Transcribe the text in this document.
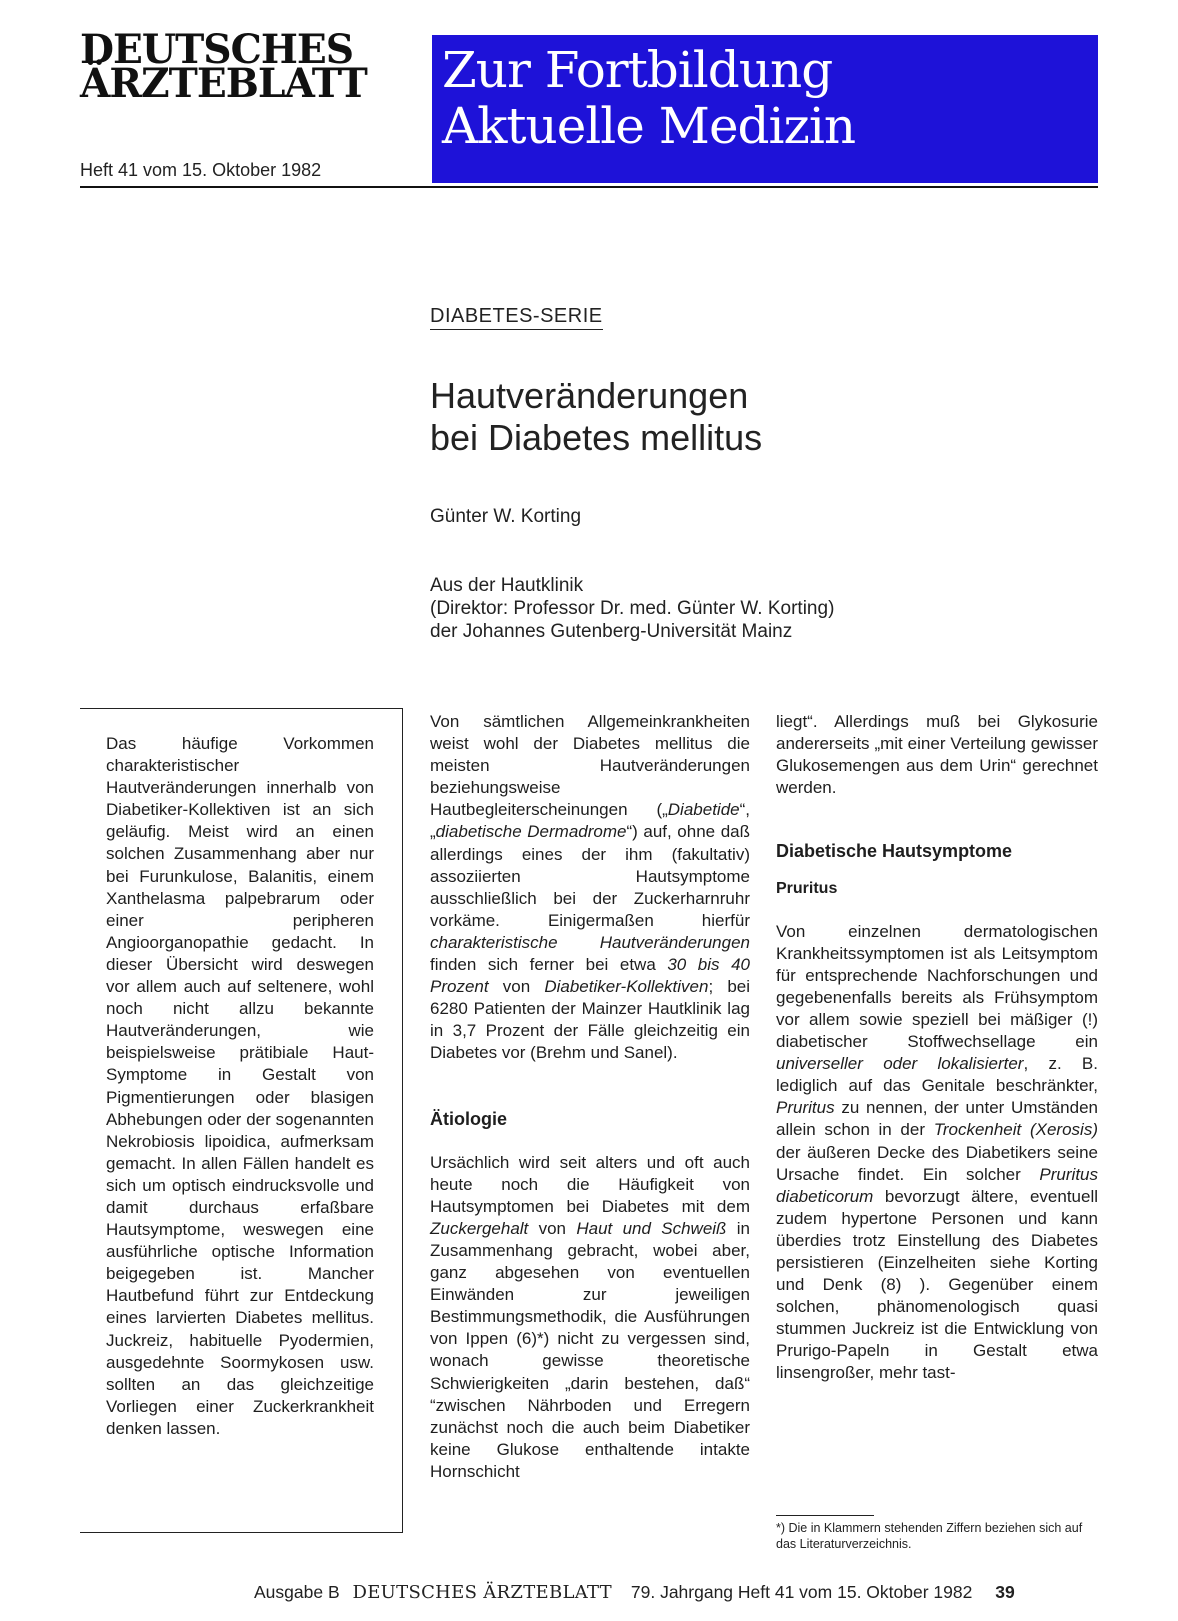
DEUTSCHES
ÄRZTEBLATT
Heft 41 vom 15. Oktober 1982
Zur Fortbildung
Aktuelle Medizin
DIABETES-SERIE
Hautveränderungen
bei Diabetes mellitus
Günter W. Korting
Aus der Hautklinik
(Direktor: Professor Dr. med. Günter W. Korting)
der Johannes Gutenberg-Universität Mainz

Das häufige Vorkommen charakteristischer Hautveränderungen innerhalb von Diabetiker-Kollektiven ist an sich geläufig. Meist wird an einen solchen Zusammenhang aber nur bei Furunkulose, Balanitis, einem Xanthelasma palpebrarum oder einer peripheren Angioorganopathie gedacht. In dieser Übersicht wird deswegen vor allem auch auf seltenere, wohl noch nicht allzu bekannte Hautveränderungen, wie beispielsweise prätibiale Haut-Symptome in Gestalt von Pigmentierungen oder blasigen Abhebungen oder der sogenannten Nekrobiosis lipoidica, aufmerksam gemacht. In allen Fällen handelt es sich um optisch eindrucksvolle und damit durchaus erfaßbare Hautsymptome, weswegen eine ausführliche optische Information beigegeben ist. Mancher Hautbefund führt zur Entdeckung eines larvierten Diabetes mellitus. Juckreiz, habituelle Pyodermien, ausgedehnte Soormykosen usw. sollten an das gleichzeitige Vorliegen einer Zuckerkrankheit denken lassen.

Von sämtlichen Allgemeinkrankheiten weist wohl der Diabetes mellitus die meisten Hautveränderungen beziehungsweise Hautbegleiterscheinungen („Diabetide“, „diabetische Dermadrome“) auf, ohne daß allerdings eines der ihm (fakultativ) assoziierten Hautsymptome ausschließlich bei der Zuckerharnruhr vorkäme. Einigermaßen hierfür charakteristische Hautveränderungen finden sich ferner bei etwa 30 bis 40 Prozent von Diabetiker-Kollektiven; bei 6280 Patienten der Mainzer Hautklinik lag in 3,7 Prozent der Fälle gleichzeitig ein Diabetes vor (Brehm und Sanel).

Ätiologie

Ursächlich wird seit alters und oft auch heute noch die Häufigkeit von Hautsymptomen bei Diabetes mit dem Zuckergehalt von Haut und Schweiß in Zusammenhang gebracht, wobei aber, ganz abgesehen von eventuellen Einwänden zur jeweiligen Bestimmungsmethodik, die Ausführungen von Ippen (6)*) nicht zu vergessen sind, wonach gewisse theoretische Schwierigkeiten „darin bestehen, daß“ “zwischen Nährboden und Erregern zunächst noch die auch beim Diabetiker keine Glukose enthaltende intakte Hornschicht

liegt“. Allerdings muß bei Glykosurie andererseits „mit einer Verteilung gewisser Glukosemengen aus dem Urin“ gerechnet werden.

Diabetische Hautsymptome

Pruritus

Von einzelnen dermatologischen Krankheitssymptomen ist als Leitsymptom für entsprechende Nachforschungen und gegebenenfalls bereits als Frühsymptom vor allem sowie speziell bei mäßiger (!) diabetischer Stoffwechsellage ein universeller oder lokalisierter, z. B. lediglich auf das Genitale beschränkter, Pruritus zu nennen, der unter Umständen allein schon in der Trockenheit (Xerosis) der äußeren Decke des Diabetikers seine Ursache findet. Ein solcher Pruritus diabeticorum bevorzugt ältere, eventuell zudem hypertone Personen und kann überdies trotz Einstellung des Diabetes persistieren (Einzelheiten siehe Korting und Denk (8) ). Gegenüber einem solchen, phänomenologisch quasi stummen Juckreiz ist die Entwicklung von Prurigo-Papeln in Gestalt etwa linsengroßer, mehr tast-

*) Die in Klammern stehenden Ziffern beziehen sich auf das Literaturverzeichnis.
Ausgabe B DEUTSCHES ÄRZTEBLATT 79. Jahrgang Heft 41 vom 15. Oktober 1982 39
